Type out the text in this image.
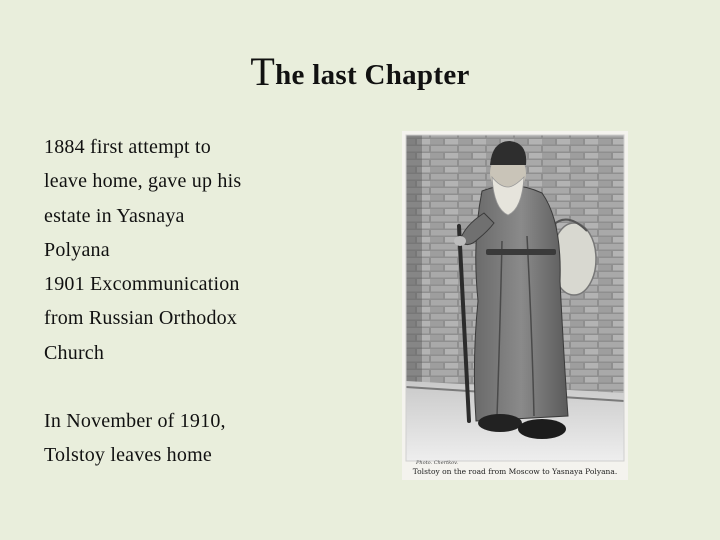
The last Chapter
1884 first attempt to
leave home, gave up his
estate in Yasnaya
Polyana
1901 Excommunication
from Russian Orthodox
Church
In November of 1910,
Tolstoy leaves home	Photo. Chertkov.
Tolstoy on the road from Moscow to Yasnaya Polyana.
